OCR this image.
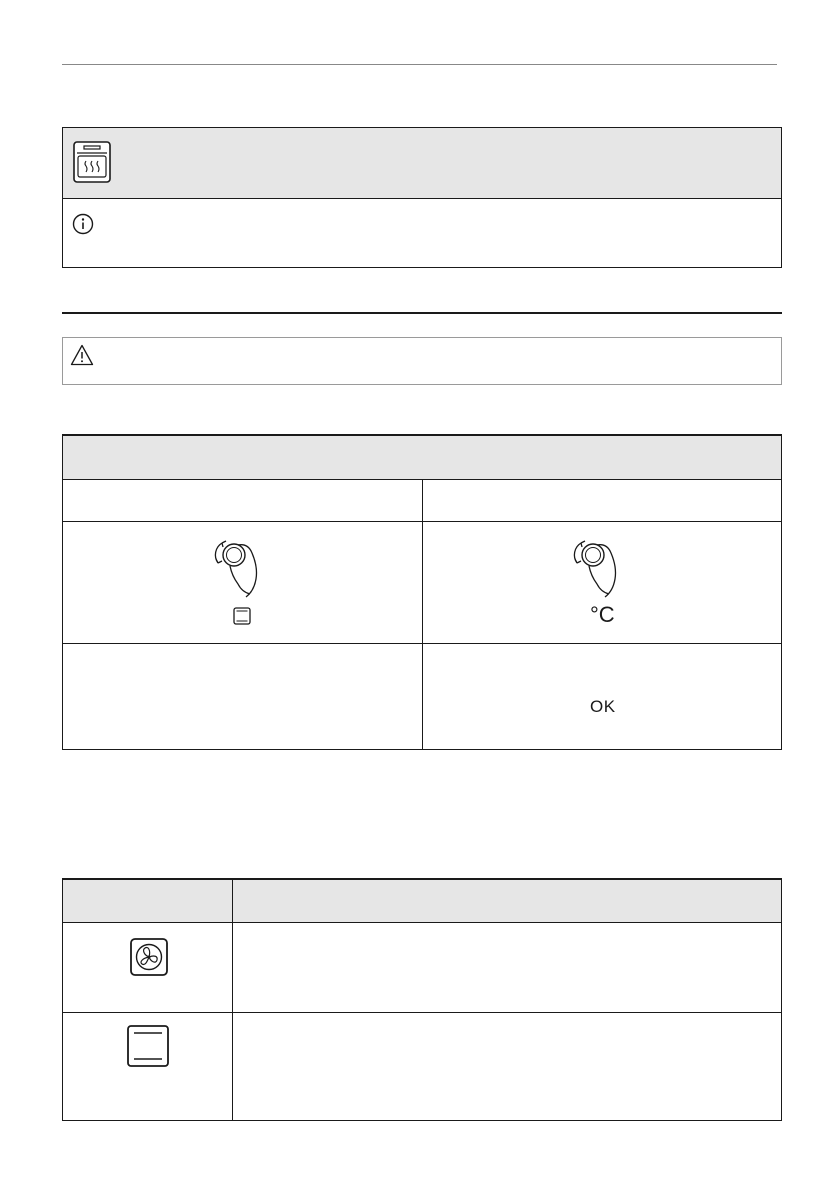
°C
OK
